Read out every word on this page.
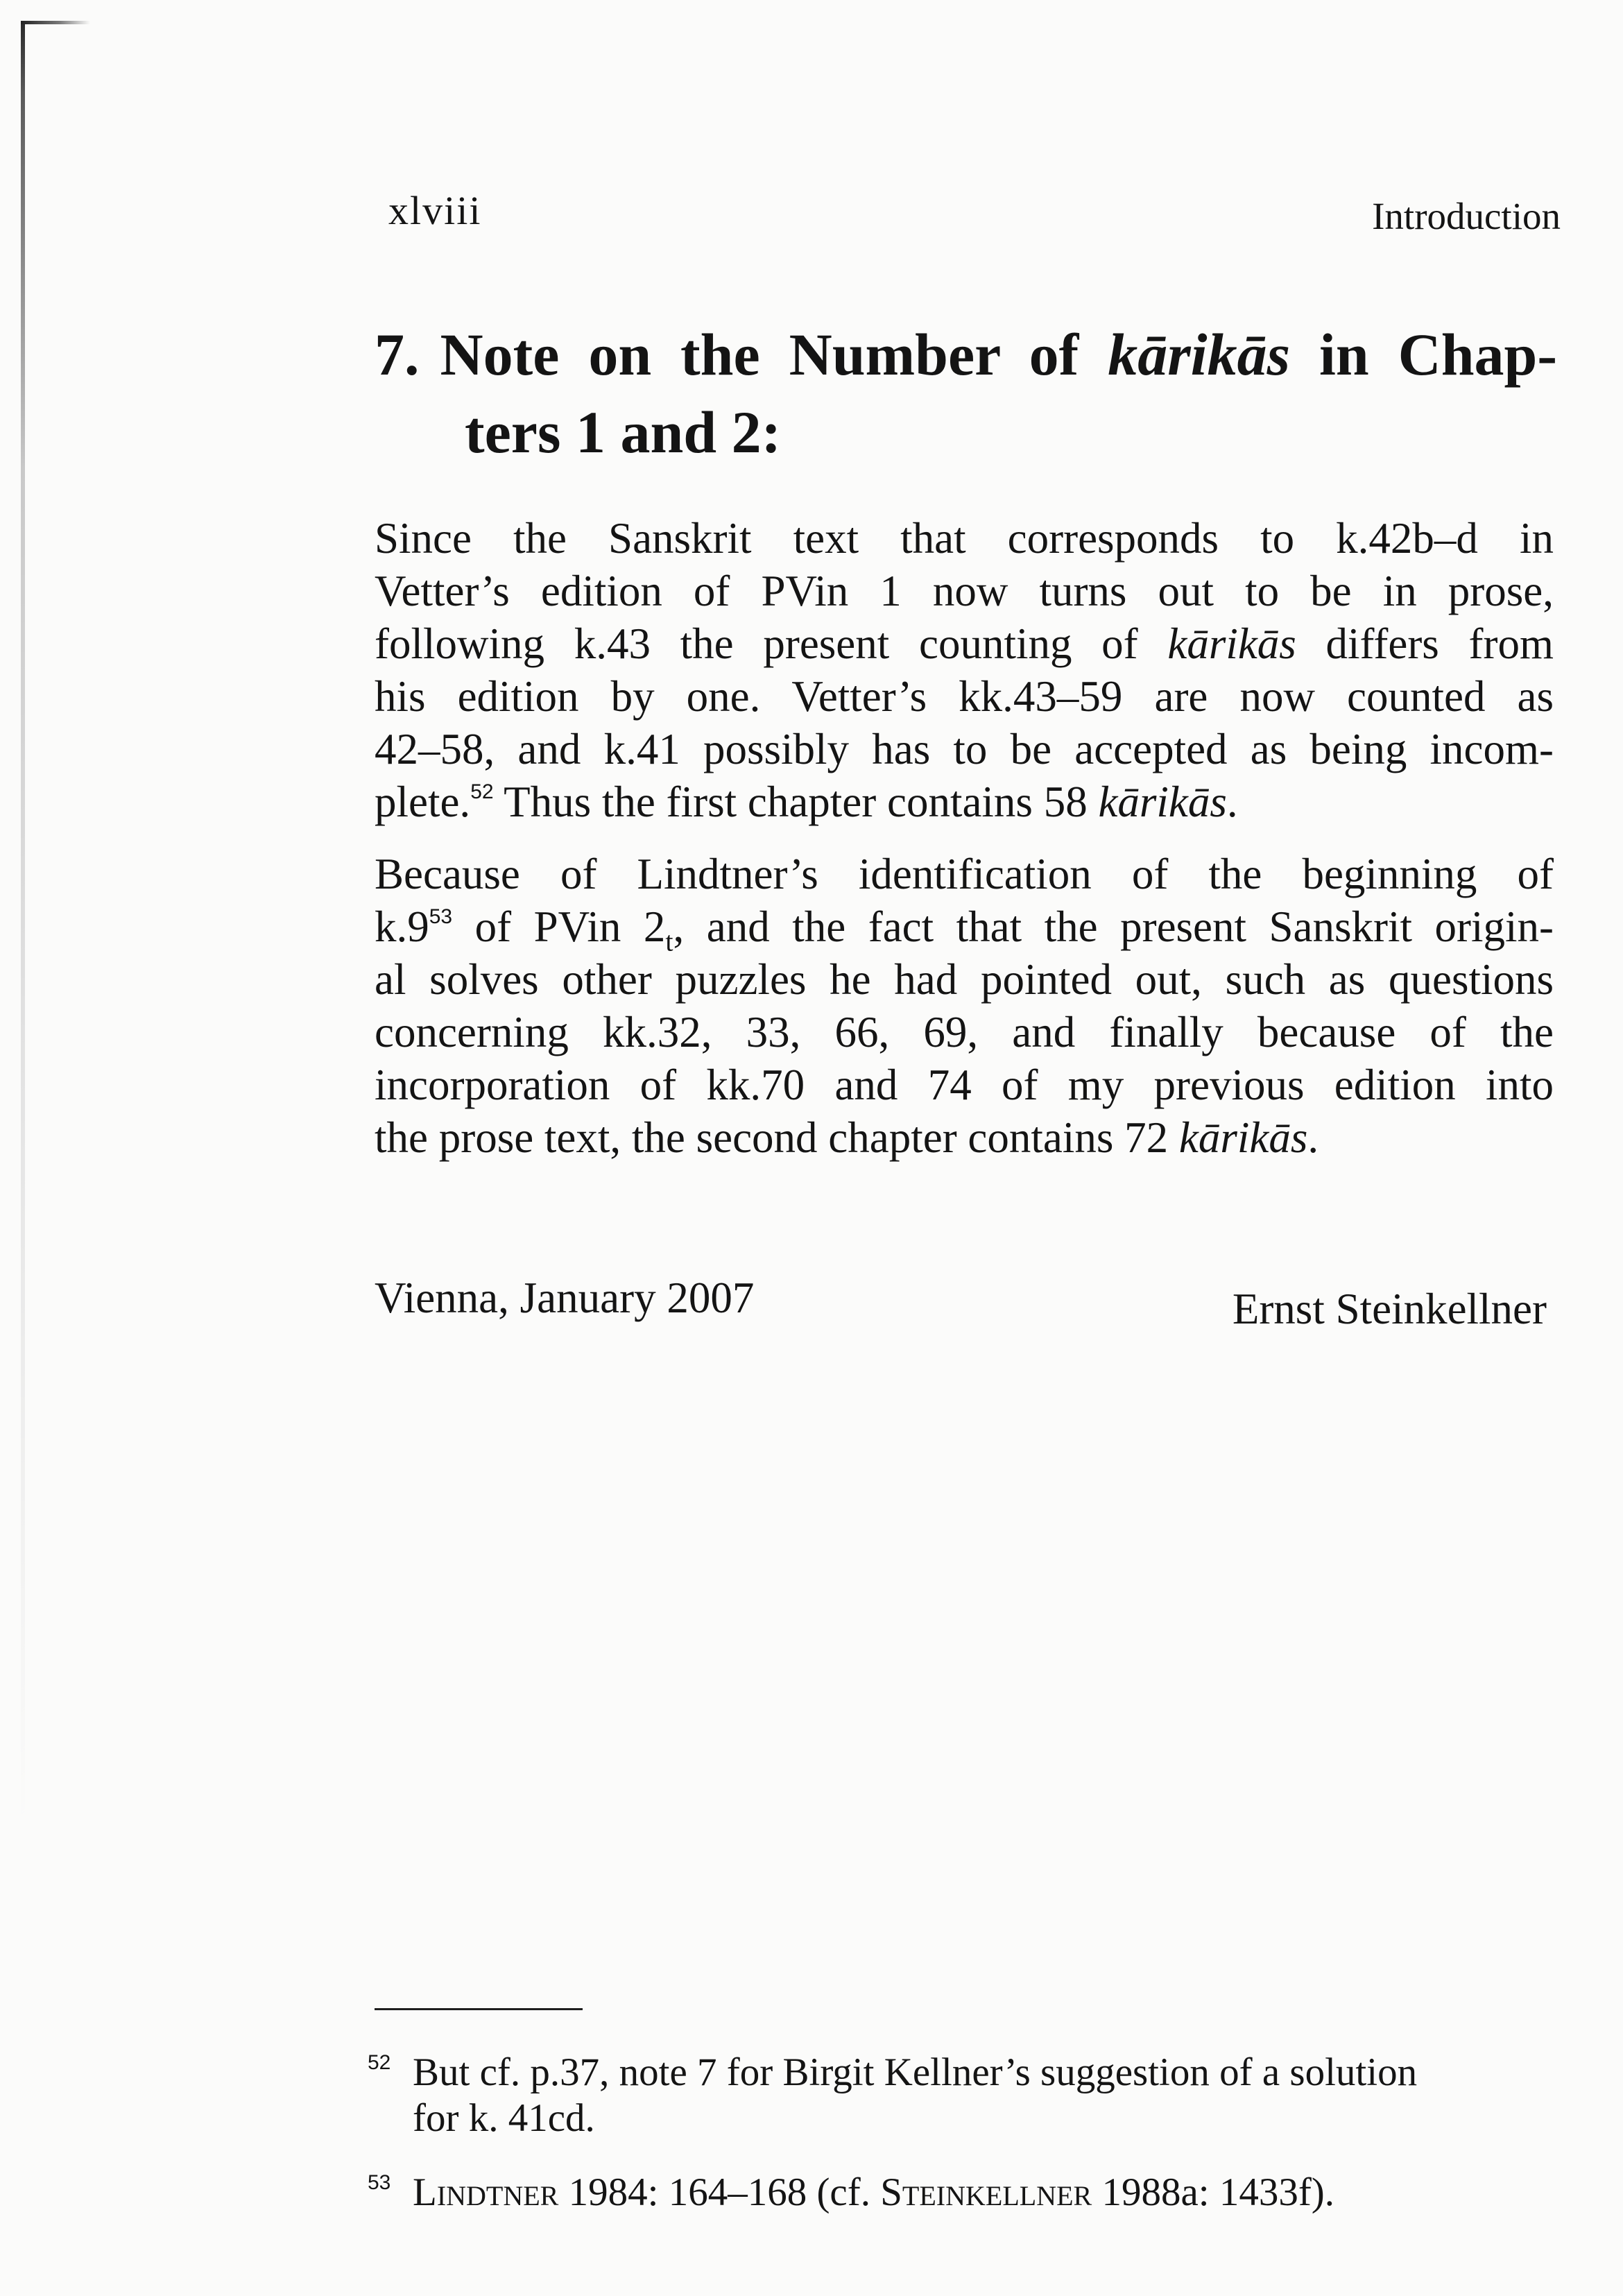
xlviii	Introduction
7. Note on the Number of kārikās in Chap-
ters 1 and 2:
Since the Sanskrit text that corresponds to k.42b–d in
Vetter’s edition of PVin 1 now turns out to be in prose,
following k.43 the present counting of kārikās differs from
his edition by one. Vetter’s kk.43–59 are now counted as
42–58, and k.41 possibly has to be accepted as being incom-
plete.$^{52}$ Thus the first chapter contains 58 kārikās.
Because of Lindtner’s identification of the beginning of
k.9$^{53}$ of PVin $2_t$, and the fact that the present Sanskrit origin-
al solves other puzzles he had pointed out, such as questions
concerning kk.32, 33, 66, 69, and finally because of the
incorporation of kk.70 and 74 of my previous edition into
the prose text, the second chapter contains 72 kārikās.
Vienna, January 2007	Ernst Steinkellner
52 But cf. p.37, note 7 for Birgit Kellner’s suggestion of a solution
for k. 41cd.
53 Lindtner 1984: 164–168 (cf. Steinkellner 1988a: 1433f).
